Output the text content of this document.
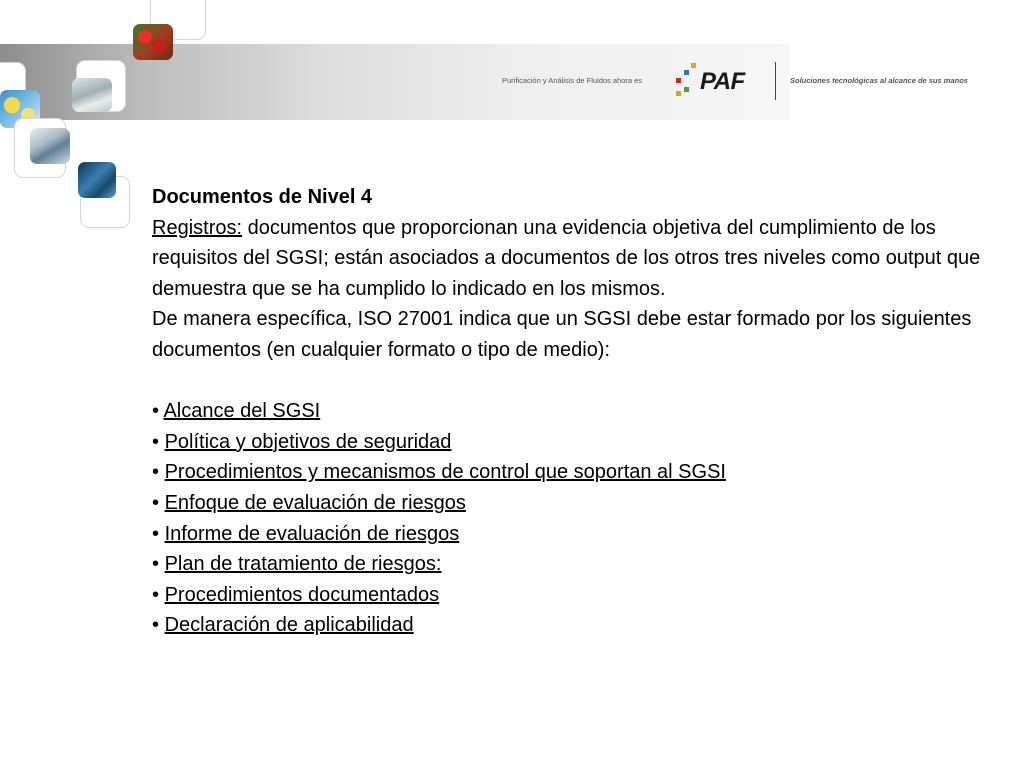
Purificación y Análisis de Fluidos ahora es PAF	Soluciones tecnológicas al alcance de sus manos
Documentos de Nivel 4
Registros: documentos que proporcionan una evidencia objetiva del cumplimiento de los requisitos del SGSI; están asociados a documentos de los otros tres niveles como output que demuestra que se ha cumplido lo indicado en los mismos.
De manera específica, ISO 27001 indica que un SGSI debe estar formado por los siguientes documentos (en cualquier formato o tipo de medio):
• Alcance del SGSI
• Política y objetivos de seguridad
• Procedimientos y mecanismos de control que soportan al SGSI
• Enfoque de evaluación de riesgos
• Informe de evaluación de riesgos
• Plan de tratamiento de riesgos:
• Procedimientos documentados
• Declaración de aplicabilidad
